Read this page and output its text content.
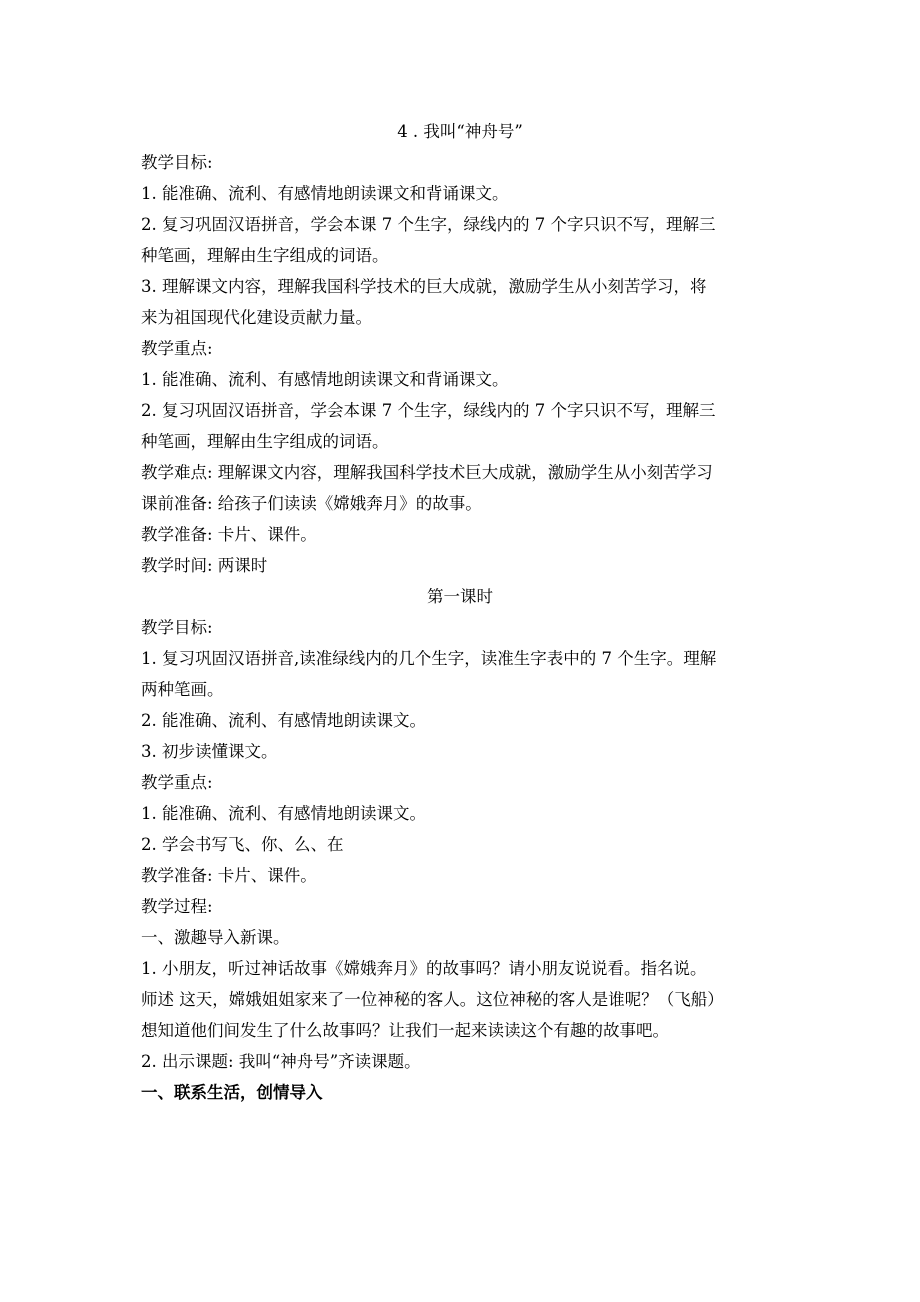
4 . 我叫“神舟号”
教学目标:
1. 能准确、流利、有感情地朗读课文和背诵课文。
2. 复习巩固汉语拼音，学会本课 7 个生字，绿线内的 7 个字只识不写，理解三
种笔画，理解由生字组成的词语。
3. 理解课文内容，理解我国科学技术的巨大成就，激励学生从小刻苦学习，将
来为祖国现代化建设贡献力量。
教学重点:
1. 能准确、流利、有感情地朗读课文和背诵课文。
2. 复习巩固汉语拼音，学会本课 7 个生字，绿线内的 7 个字只识不写，理解三
种笔画，理解由生字组成的词语。
教学难点: 理解课文内容，理解我国科学技术巨大成就，激励学生从小刻苦学习
课前准备: 给孩子们读读《嫦娥奔月》的故事。
教学准备: 卡片、课件。
教学时间: 两课时
第一课时
教学目标:
1. 复习巩固汉语拼音,读准绿线内的几个生字，读准生字表中的 7 个生字。理解
两种笔画。
2. 能准确、流利、有感情地朗读课文。
3. 初步读懂课文。
教学重点:
1. 能准确、流利、有感情地朗读课文。
2. 学会书写飞、你、么、在
教学准备: 卡片、课件。
教学过程:
一、激趣导入新课。
1. 小朋友，听过神话故事《嫦娥奔月》的故事吗？请小朋友说说看。指名说。
师述 这天，嫦娥姐姐家来了一位神秘的客人。这位神秘的客人是谁呢？（飞船）
想知道他们间发生了什么故事吗？让我们一起来读读这个有趣的故事吧。
2. 出示课题: 我叫“神舟号”齐读课题。
一、联系生活，创情导入
